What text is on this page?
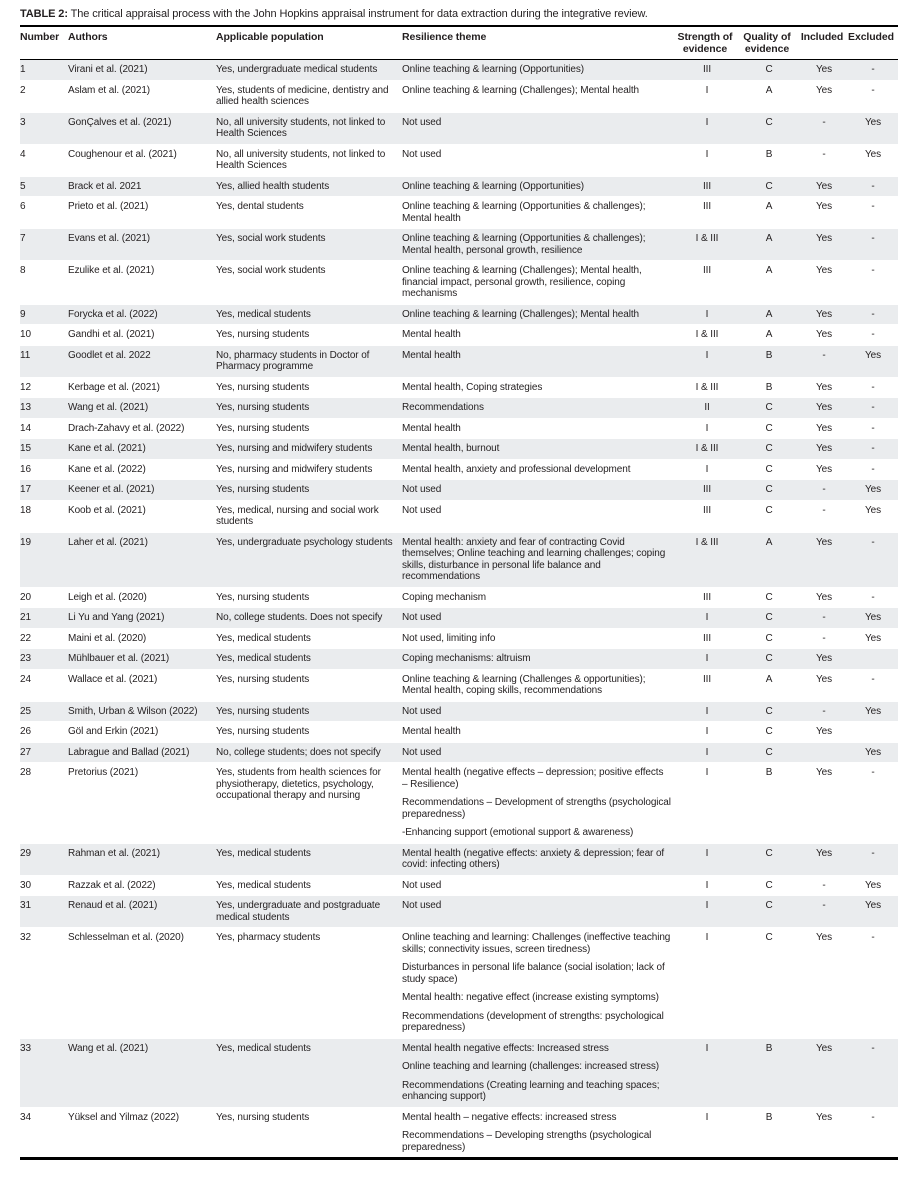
TABLE 2: The critical appraisal process with the John Hopkins appraisal instrument for data extraction during the integrative review.
Number	Authors	Applicable population	Resilience theme	Strength of evidence	Quality of evidence	Included	Excluded
1	Virani et al. (2021)	Yes, undergraduate medical students	Online teaching & learning (Opportunities)	III	C	Yes	-
2	Aslam et al. (2021)	Yes, students of medicine, dentistry and allied health sciences	Online teaching & learning (Challenges); Mental health	I	A	Yes	-
3	GonÇalves et al. (2021)	No, all university students, not linked to Health Sciences	Not used	I	C	-	Yes
4	Coughenour et al. (2021)	No, all university students, not linked to Health Sciences	Not used	I	B	-	Yes
5	Brack et al. 2021	Yes, allied health students	Online teaching & learning (Opportunities)	III	C	Yes	-
6	Prieto et al. (2021)	Yes, dental students	Online teaching & learning (Opportunities & challenges); Mental health	III	A	Yes	-
7	Evans et al. (2021)	Yes, social work students	Online teaching & learning (Opportunities & challenges); Mental health, personal growth, resilience	I & III	A	Yes	-
8	Ezulike et al. (2021)	Yes, social work students	Online teaching & learning (Challenges); Mental health, financial impact, personal growth, resilience, coping mechanisms	III	A	Yes	-
9	Forycka et al. (2022)	Yes, medical students	Online teaching & learning (Challenges); Mental health	I	A	Yes	-
10	Gandhi et al. (2021)	Yes, nursing students	Mental health	I & III	A	Yes	-
11	Goodlet et al. 2022	No, pharmacy students in Doctor of Pharmacy programme	Mental health	I	B	-	Yes
12	Kerbage et al. (2021)	Yes, nursing students	Mental health, Coping strategies	I & III	B	Yes	-
13	Wang et al. (2021)	Yes, nursing students	Recommendations	II	C	Yes	-
14	Drach-Zahavy et al. (2022)	Yes, nursing students	Mental health	I	C	Yes	-
15	Kane et al. (2021)	Yes, nursing and midwifery students	Mental health, burnout	I & III	C	Yes	-
16	Kane et al. (2022)	Yes, nursing and midwifery students	Mental health, anxiety and professional development	I	C	Yes	-
17	Keener et al. (2021)	Yes, nursing students	Not used	III	C	-	Yes
18	Koob et al. (2021)	Yes, medical, nursing and social work students	Not used	III	C	-	Yes
19	Laher et al. (2021)	Yes, undergraduate psychology students	Mental health: anxiety and fear of contracting Covid themselves; Online teaching and learning challenges; coping skills, disturbance in personal life balance and recommendations	I & III	A	Yes	-
20	Leigh et al. (2020)	Yes, nursing students	Coping mechanism	III	C	Yes	-
21	Li Yu and Yang (2021)	No, college students. Does not specify	Not used	I	C	-	Yes
22	Maini et al. (2020)	Yes, medical students	Not used, limiting info	III	C	-	Yes
23	Mühlbauer et al. (2021)	Yes, medical students	Coping mechanisms: altruism	I	C	Yes	
24	Wallace et al. (2021)	Yes, nursing students	Online teaching & learning (Challenges & opportunities); Mental health, coping skills, recommendations	III	A	Yes	-
25	Smith, Urban & Wilson (2022)	Yes, nursing students	Not used	I	C	-	Yes
26	Göl and Erkin (2021)	Yes, nursing students	Mental health	I	C	Yes	
27	Labrague and Ballad (2021)	No, college students; does not specify	Not used	I	C		Yes
28	Pretorius (2021)	Yes, students from health sciences for physiotherapy, dietetics, psychology, occupational therapy and nursing	Mental health (negative effects – depression; positive effects – Resilience)

Recommendations – Development of strengths (psychological preparedness)

-Enhancing support (emotional support & awareness)	I	B	Yes	-
29	Rahman et al. (2021)	Yes, medical students	Mental health (negative effects: anxiety & depression; fear of covid: infecting others)	I	C	Yes	-
30	Razzak et al. (2022)	Yes, medical students	Not used	I	C	-	Yes
31	Renaud et al. (2021)	Yes, undergraduate and postgraduate medical students	Not used	I	C	-	Yes
32	Schlesselman et al. (2020)	Yes, pharmacy students	Online teaching and learning: Challenges (ineffective teaching skills; connectivity issues, screen tiredness)

Disturbances in personal life balance (social isolation; lack of study space)

Mental health: negative effect (increase existing symptoms)

Recommendations (development of strengths: psychological preparedness)	I	C	Yes	-
33	Wang et al. (2021)	Yes, medical students	Mental health negative effects: Increased stress

Online teaching and learning (challenges: increased stress)

Recommendations (Creating learning and teaching spaces; enhancing support)	I	B	Yes	-
34	Yüksel and Yilmaz (2022)	Yes, nursing students	Mental health – negative effects: increased stress

Recommendations – Developing strengths (psychological preparedness)	I	B	Yes	-
